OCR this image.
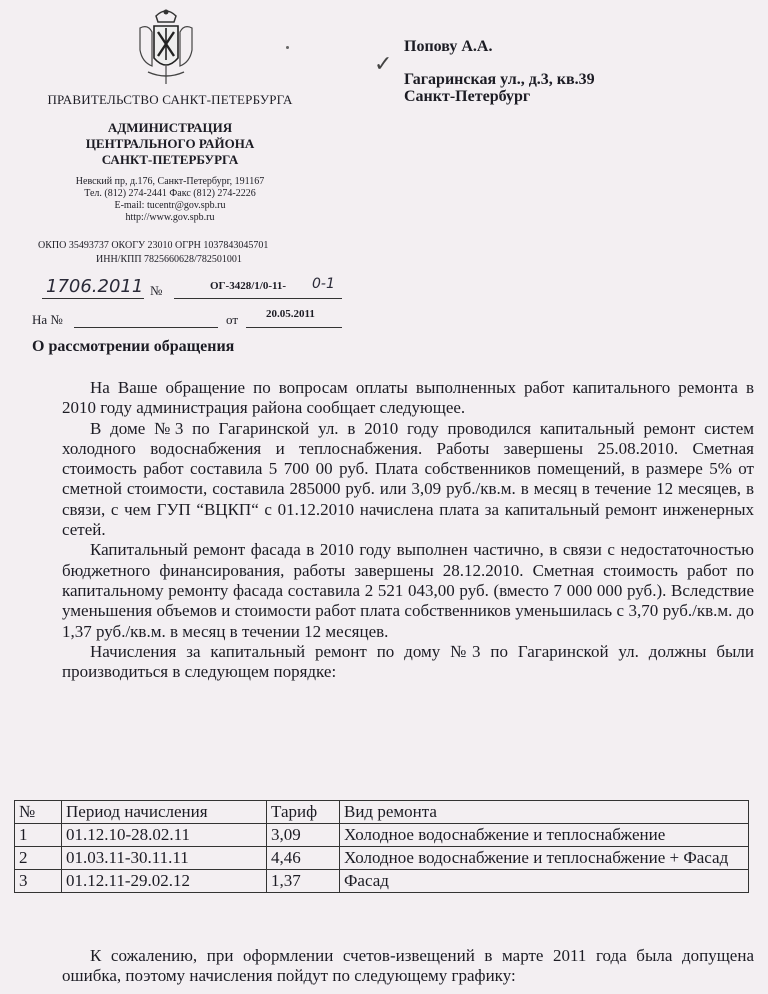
ПРАВИТЕЛЬСТВО САНКТ-ПЕТЕРБУРГА
АДМИНИСТРАЦИЯ
ЦЕНТРАЛЬНОГО РАЙОНА
САНКТ-ПЕТЕРБУРГА
Невский пр, д.176, Санкт-Петербург, 191167
Тел. (812) 274-2441 Факс (812) 274-2226
E-mail: tucentr@gov.spb.ru
http://www.gov.spb.ru
ОКПО 35493737 ОКОГУ 23010 ОГРН 1037843045701
ИНН/КПП 7825660628/782501001
1706.2011 №	ОГ-3428/1/0-11- 0-1
На №	от	20.05.2011
О рассмотрении обращения
✓
Попову А.А.
Гагаринская ул., д.3, кв.39
Санкт-Петербург

На Ваше обращение по вопросам оплаты выполненных работ капитального ремонта в 2010 году администрация района сообщает следующее.

В доме №3 по Гагаринской ул. в 2010 году проводился капитальный ремонт систем холодного водоснабжения и теплоснабжения. Работы завершены 25.08.2010. Сметная стоимость работ составила 5 700 00 руб. Плата собственников помещений, в размере 5% от сметной стоимости, составила 285000 руб. или 3,09 руб./кв.м. в месяц в течение 12 месяцев, в связи, с чем ГУП “ВЦКП“ с 01.12.2010 начислена плата за капитальный ремонт инженерных сетей.

Капитальный ремонт фасада в 2010 году выполнен частично, в связи с недостаточностью бюджетного финансирования, работы завершены 28.12.2010. Сметная стоимость работ по капитальному ремонту фасада составила 2 521 043,00 руб. (вместо 7 000 000 руб.). Вследствие уменьшения объемов и стоимости работ плата собственников уменьшилась с 3,70 руб./кв.м. до 1,37 руб./кв.м. в месяц в течении 12 месяцев.

Начисления за капитальный ремонт по дому №3 по Гагаринской ул. должны были производиться в следующем порядке:

№	Период начисления	Тариф	Вид ремонта
1	01.12.10-28.02.11	3,09	Холодное водоснабжение и теплоснабжение
2	01.03.11-30.11.11	4,46	Холодное водоснабжение и теплоснабжение + Фасад
3	01.12.11-29.02.12	1,37	Фасад

К сожалению, при оформлении счетов-извещений в марте 2011 года была допущена ошибка, поэтому начисления пойдут по следующему графику:
